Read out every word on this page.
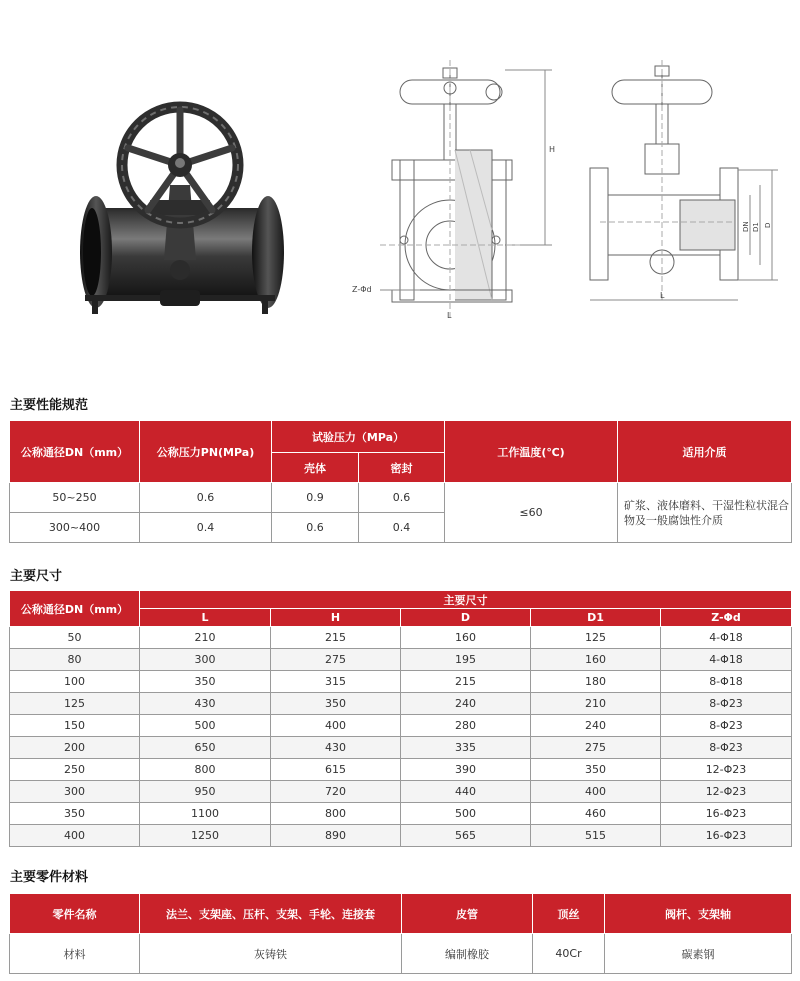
H
Z-Φd
L
DN D1 D
L
主要性能规范
公称通径DN（mm）	公称压力PN(MPa)	试验压力（MPa）		工作温度(℃)	适用介质
		壳体	密封		
50~250	0.6	0.9	0.6	≤60	矿浆、液体磨料、干湿性粒状混合物及一般腐蚀性介质
300~400	0.4	0.6	0.4		
主要尺寸
公称通径DN（mm）	主要尺寸				
	L	H	D	D1	Z-Φd
50	210	215	160	125	4-Φ18
80	300	275	195	160	4-Φ18
100	350	315	215	180	8-Φ18
125	430	350	240	210	8-Φ23
150	500	400	280	240	8-Φ23
200	650	430	335	275	8-Φ23
250	800	615	390	350	12-Φ23
300	950	720	440	400	12-Φ23
350	1100	800	500	460	16-Φ23
400	1250	890	565	515	16-Φ23
主要零件材料
零件名称	法兰、支架座、压杆、支架、手轮、连接套	皮管	顶丝	阀杆、支架轴
材料	灰铸铁	编制橡胶	40Cr	碳素钢
